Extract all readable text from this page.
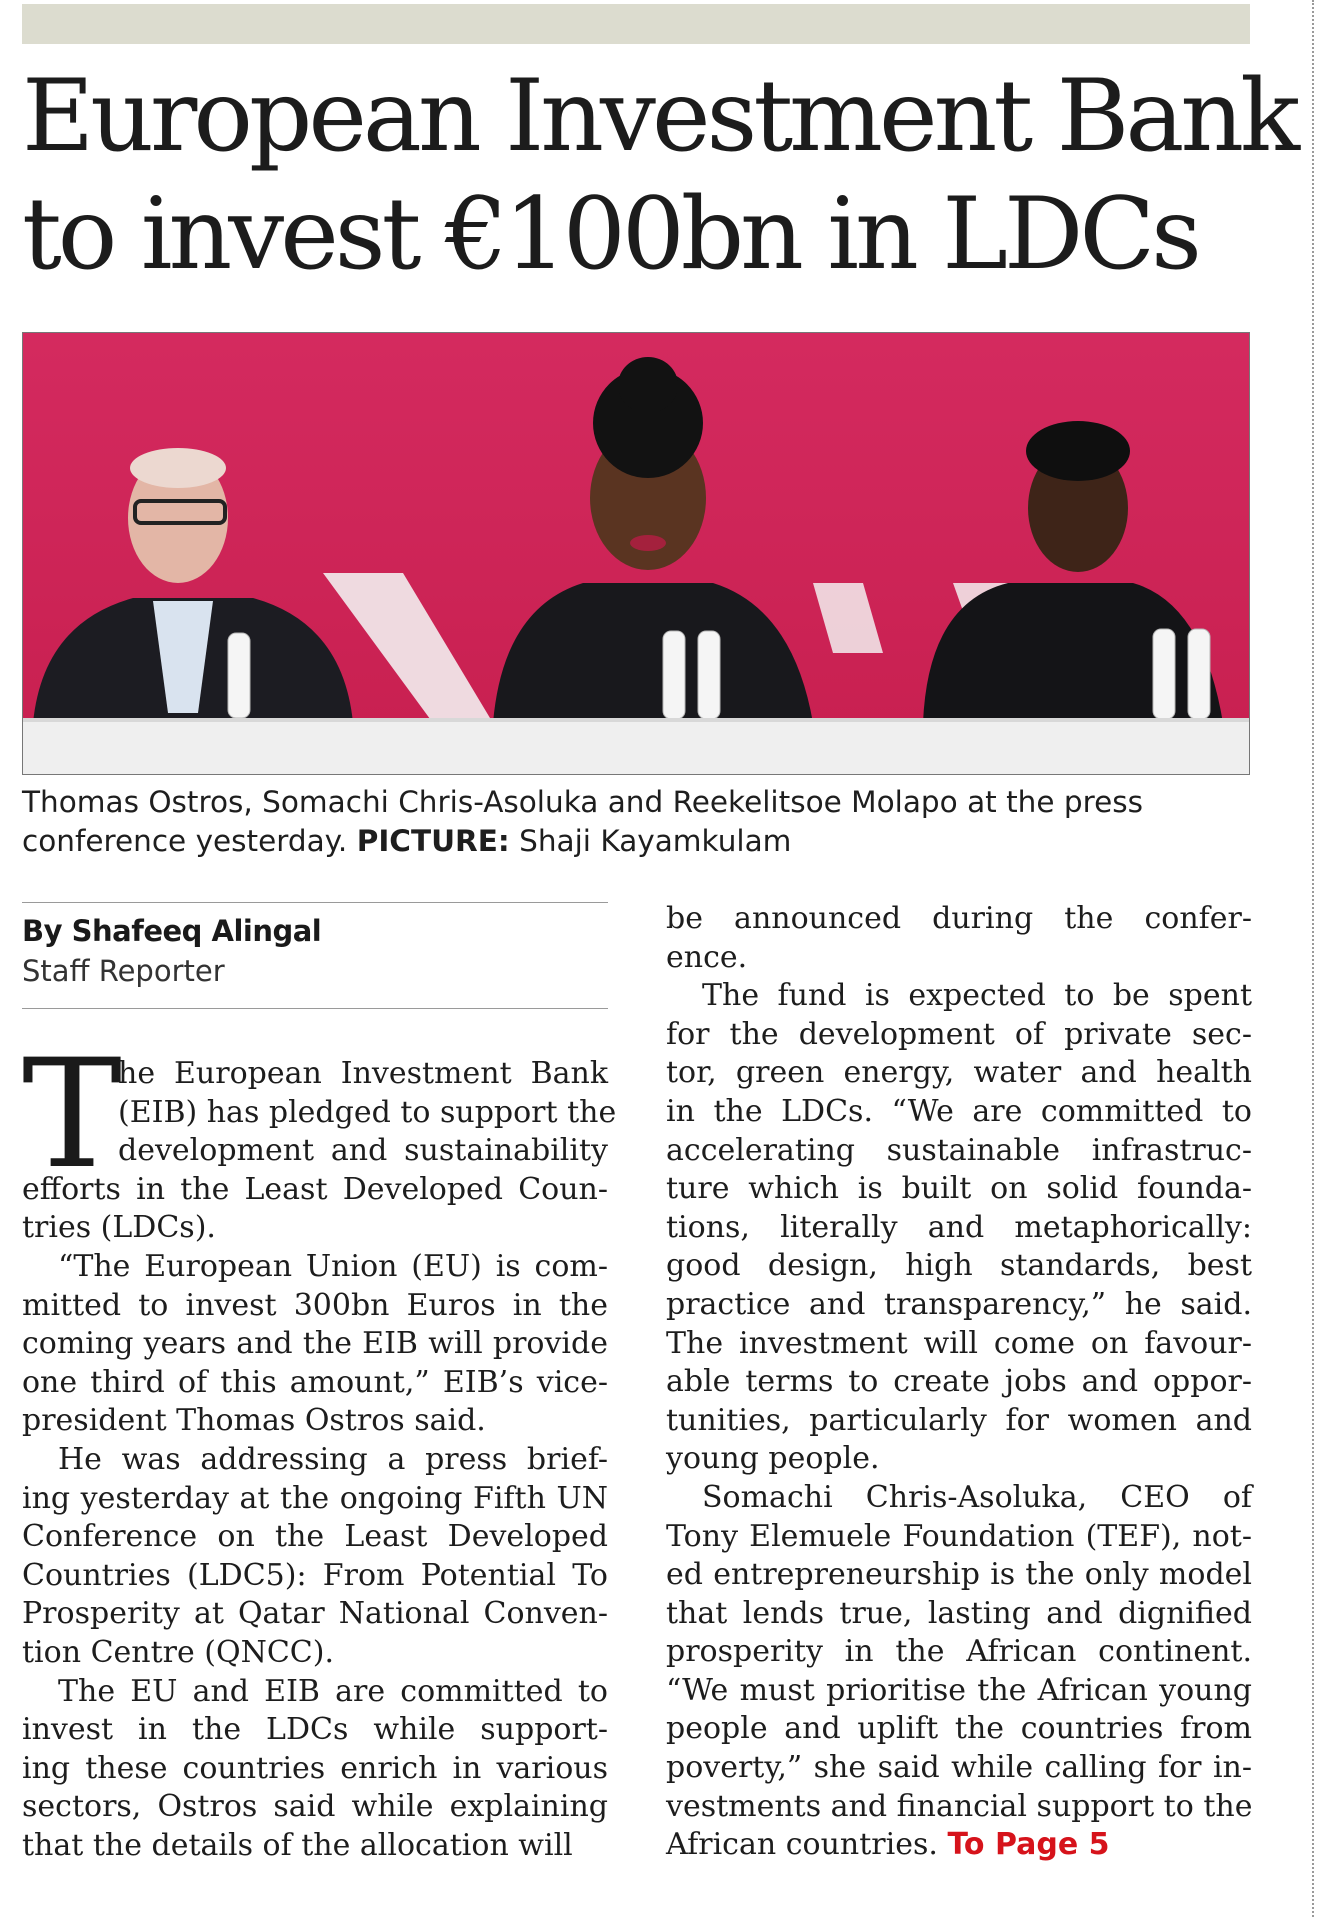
European Investment Bank
to invest €100bn in LDCs
Thomas Ostros, Somachi Chris-Asoluka and Reekelitsoe Molapo at the press conference yesterday. PICTURE: Shaji Kayamkulam
By Shafeeq Alingal
Staff Reporter
T
he European Investment Bank
(EIB) has pledged to support the
development and sustainability
efforts in the Least Developed Coun-
tries (LDCs).
“The European Union (EU) is com-
mitted to invest 300bn Euros in the
coming years and the EIB will provide
one third of this amount,” EIB’s vice-
president Thomas Ostros said.
He was addressing a press brief-
ing yesterday at the ongoing Fifth UN
Conference on the Least Developed
Countries (LDC5): From Potential To
Prosperity at Qatar National Conven-
tion Centre (QNCC).
The EU and EIB are committed to
invest in the LDCs while support-
ing these countries enrich in various
sectors, Ostros said while explaining
that the details of the allocation will
be announced during the confer-
ence.
The fund is expected to be spent
for the development of private sec-
tor, green energy, water and health
in the LDCs. “We are committed to
accelerating sustainable infrastruc-
ture which is built on solid founda-
tions, literally and metaphorically:
good design, high standards, best
practice and transparency,” he said.
The investment will come on favour-
able terms to create jobs and oppor-
tunities, particularly for women and
young people.
Somachi Chris-Asoluka, CEO of
Tony Elemuele Foundation (TEF), not-
ed entrepreneurship is the only model
that lends true, lasting and dignified
prosperity in the African continent.
“We must prioritise the African young
people and uplift the countries from
poverty,” she said while calling for in-
vestments and financial support to the
African countries. To Page 5
